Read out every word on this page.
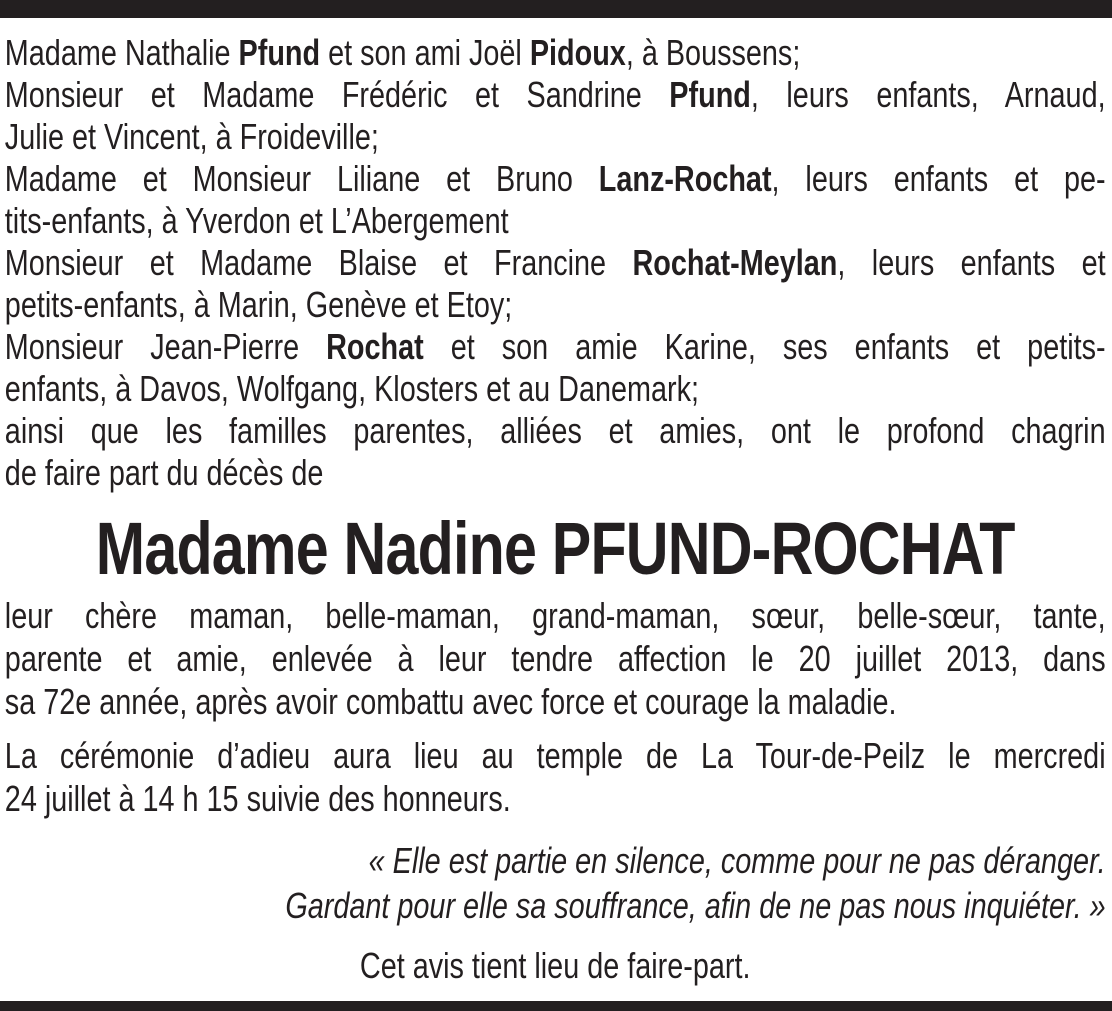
Madame Nathalie Pfund et son ami Joël Pidoux, à Boussens;
Monsieur et Madame Frédéric et Sandrine Pfund, leurs enfants, Arnaud,
Julie et Vincent, à Froideville;
Madame et Monsieur Liliane et Bruno Lanz-Rochat, leurs enfants et pe-
tits-enfants, à Yverdon et L’Abergement
Monsieur et Madame Blaise et Francine Rochat-Meylan, leurs enfants et
petits-enfants, à Marin, Genève et Etoy;
Monsieur Jean-Pierre Rochat et son amie Karine, ses enfants et petits-
enfants, à Davos, Wolfgang, Klosters et au Danemark;
ainsi que les familles parentes, alliées et amies, ont le profond chagrin
de faire part du décès de
Madame Nadine PFUND-ROCHAT
leur chère maman, belle-maman, grand-maman, sœur, belle-sœur, tante,
parente et amie, enlevée à leur tendre affection le 20 juillet 2013, dans
sa 72e année, après avoir combattu avec force et courage la maladie.
La cérémonie d’adieu aura lieu au temple de La Tour-de-Peilz le mercredi
24 juillet à 14 h 15 suivie des honneurs.
« Elle est partie en silence, comme pour ne pas déranger.
Gardant pour elle sa souffrance, afin de ne pas nous inquiéter. »
Cet avis tient lieu de faire-part.
